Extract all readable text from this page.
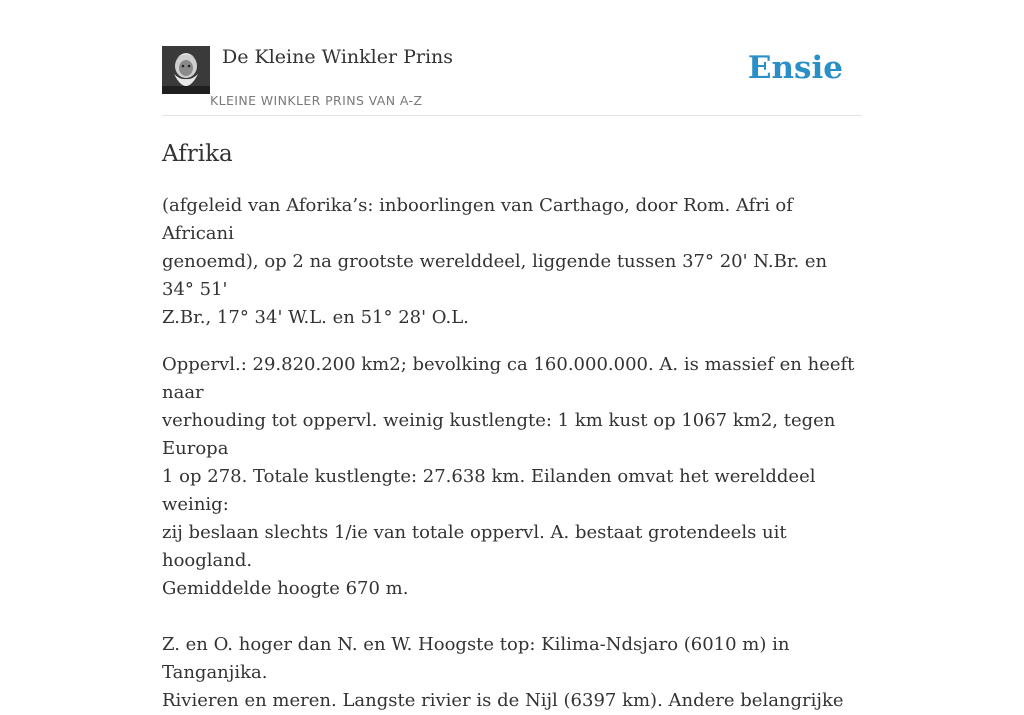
De Kleine Winkler Prins
KLEINE WINKLER PRINS VAN A-Z
Ensie
Afrika

(afgeleid van Aforika’s: inboorlingen van Carthago, door Rom. Afri of Africani
genoemd), op 2 na grootste werelddeel, liggende tussen 37° 20' N.Br. en 34° 51'
Z.Br., 17° 34' W.L. en 51° 28' O.L.

Oppervl.: 29.820.200 km2; bevolking ca 160.000.000. A. is massief en heeft naar
verhouding tot oppervl. weinig kustlengte: 1 km kust op 1067 km2, tegen Europa
1 op 278. Totale kustlengte: 27.638 km. Eilanden omvat het werelddeel weinig:
zij beslaan slechts 1/ie van totale oppervl. A. bestaat grotendeels uit hoogland.
Gemiddelde hoogte 670 m.

Z. en O. hoger dan N. en W. Hoogste top: Kilima-Ndsjaro (6010 m) in Tanganjika.
Rivieren en meren. Langste rivier is de Nijl (6397 km). Andere belangrijke
